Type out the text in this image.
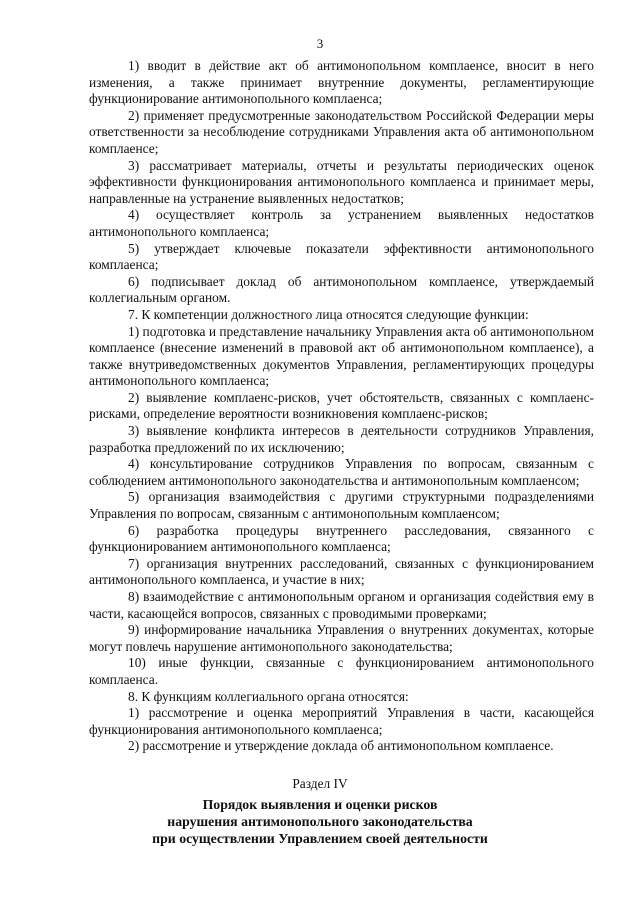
3

1) вводит в действие акт об антимонопольном комплаенсе, вносит в него изменения, а также принимает внутренние документы, регламентирующие функционирование антимонопольного комплаенса;

2) применяет предусмотренные законодательством Российской Федерации меры ответственности за несоблюдение сотрудниками Управления акта об антимонопольном комплаенсе;

3) рассматривает материалы, отчеты и результаты периодических оценок эффективности функционирования антимонопольного комплаенса и принимает меры, направленные на устранение выявленных недостатков;

4) осуществляет контроль за устранением выявленных недостатков антимонопольного комплаенса;

5) утверждает ключевые показатели эффективности антимонопольного комплаенса;

6) подписывает доклад об антимонопольном комплаенсе, утверждаемый коллегиальным органом.

7. К компетенции должностного лица относятся следующие функции:

1) подготовка и представление начальнику Управления акта об антимонопольном комплаенсе (внесение изменений в правовой акт об антимонопольном комплаенсе), а также внутриведомственных документов Управления, регламентирующих процедуры антимонопольного комплаенса;

2) выявление комплаенс-рисков, учет обстоятельств, связанных с комплаенс-рисками, определение вероятности возникновения комплаенс-рисков;

3) выявление конфликта интересов в деятельности сотрудников Управления, разработка предложений по их исключению;

4) консультирование сотрудников Управления по вопросам, связанным с соблюдением антимонопольного законодательства и антимонопольным комплаенсом;

5) организация взаимодействия с другими структурными подразделениями Управления по вопросам, связанным с антимонопольным комплаенсом;

6) разработка процедуры внутреннего расследования, связанного с функционированием антимонопольного комплаенса;

7) организация внутренних расследований, связанных с функционированием антимонопольного комплаенса, и участие в них;

8) взаимодействие с антимонопольным органом и организация содействия ему в части, касающейся вопросов, связанных с проводимыми проверками;

9) информирование начальника Управления о внутренних документах, которые могут повлечь нарушение антимонопольного законодательства;

10) иные функции, связанные с функционированием антимонопольного комплаенса.

8. К функциям коллегиального органа относятся:

1) рассмотрение и оценка мероприятий Управления в части, касающейся функционирования антимонопольного комплаенса;

2) рассмотрение и утверждение доклада об антимонопольном комплаенсе.

Раздел IV

Порядок выявления и оценки рисков

нарушения антимонопольного законодательства

при осуществлении Управлением своей деятельности
